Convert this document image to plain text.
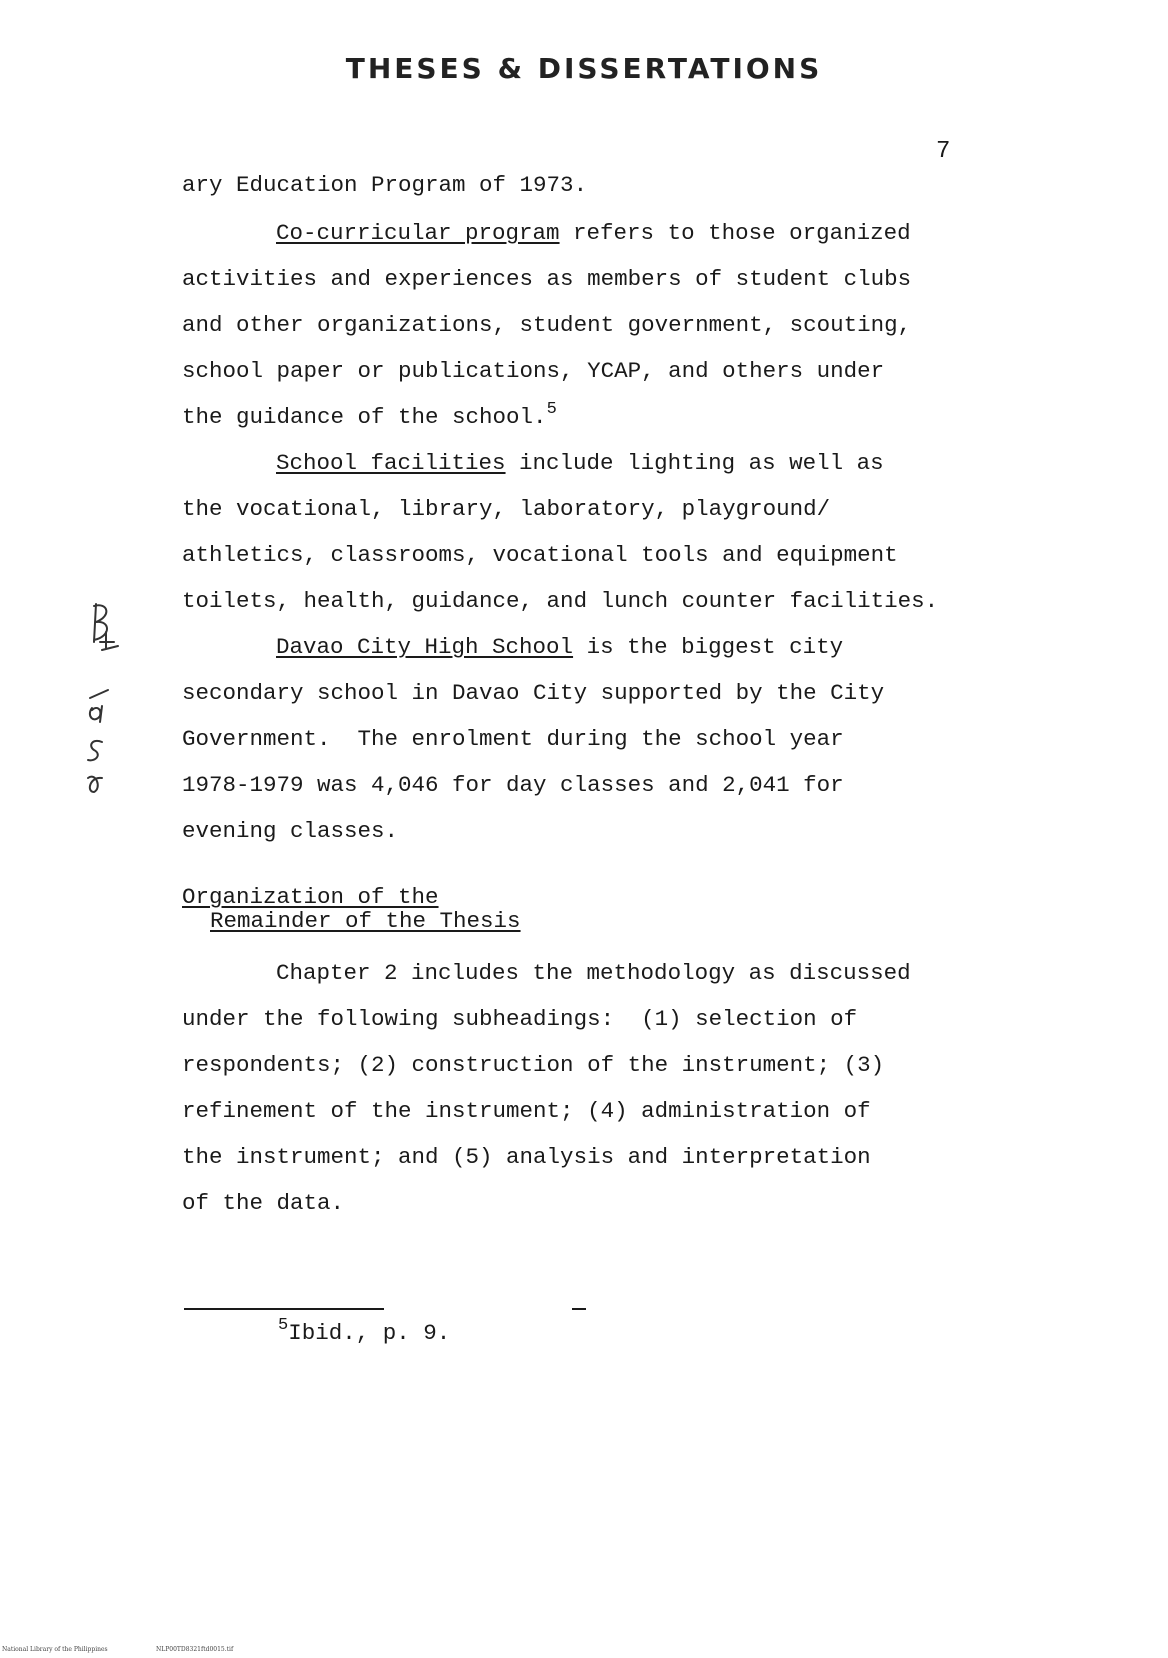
THESES & DISSERTATIONS
7
ary Education Program of 1973.
Co-curricular program refers to those organized
activities and experiences as members of student clubs
and other organizations, student government, scouting,
school paper or publications, YCAP, and others under
the guidance of the school.$^5$
School facilities include lighting as well as
the vocational, library, laboratory, playground/
athletics, classrooms, vocational tools and equipment
toilets, health, guidance, and lunch counter facilities.
Davao City High School is the biggest city
secondary school in Davao City supported by the City
Government.  The enrolment during the school year
1978-1979 was 4,046 for day classes and 2,041 for
evening classes.
Organization of the
Remainder of the Thesis
Chapter 2 includes the methodology as discussed
under the following subheadings:  (1) selection of
respondents; (2) construction of the instrument; (3)
refinement of the instrument; (4) administration of
the instrument; and (5) analysis and interpretation
of the data.
$^5$Ibid., p. 9.
National Library of the Philippines	NLP00TD8321ftd0015.tif
